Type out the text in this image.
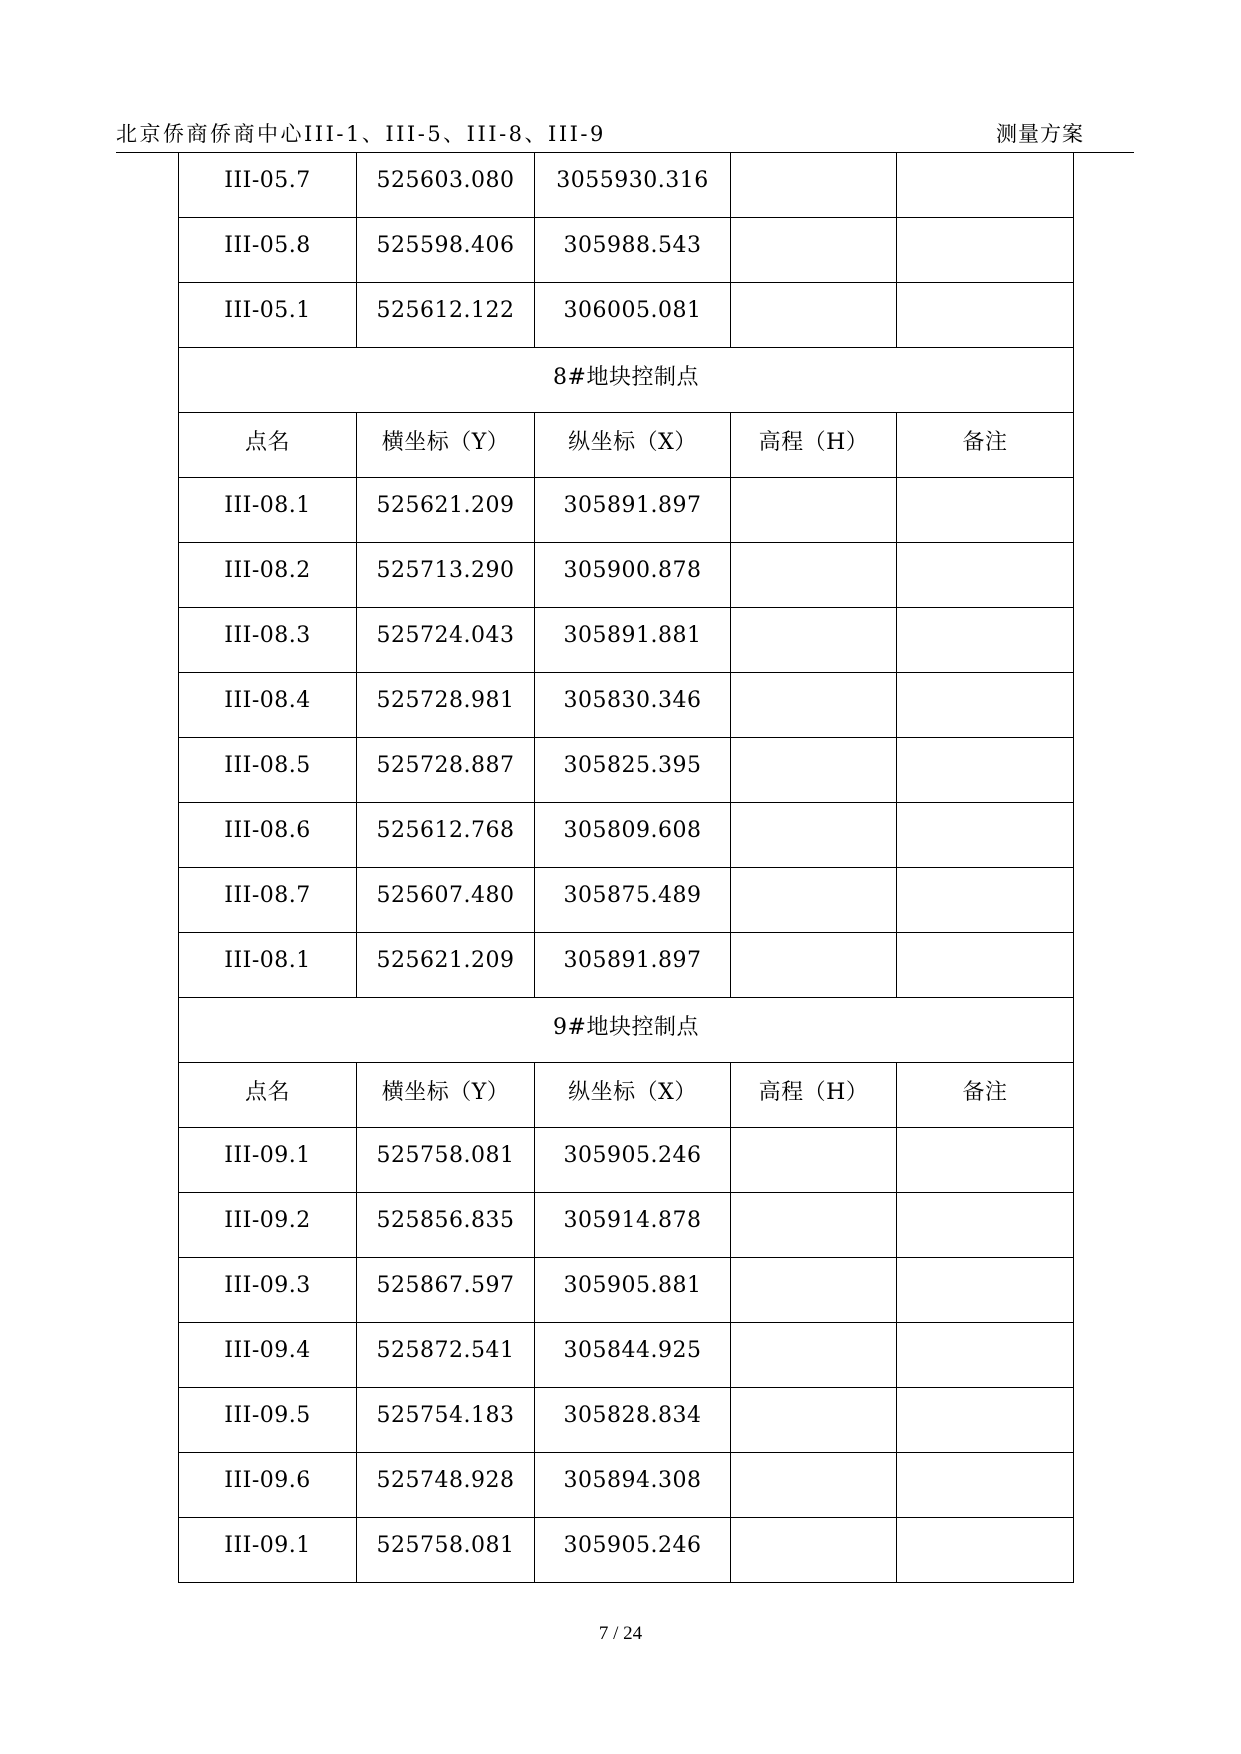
北京侨商侨商中心III-1、III-5、III-8、III-9	测量方案
III-05.7	525603.080	3055930.316		
III-05.8	525598.406	305988.543		
III-05.1	525612.122	306005.081		
8#地块控制点				
点名	横坐标（Y）	纵坐标（X）	高程（H）	备注
III-08.1	525621.209	305891.897		
III-08.2	525713.290	305900.878		
III-08.3	525724.043	305891.881		
III-08.4	525728.981	305830.346		
III-08.5	525728.887	305825.395		
III-08.6	525612.768	305809.608		
III-08.7	525607.480	305875.489		
III-08.1	525621.209	305891.897		
9#地块控制点				
点名	横坐标（Y）	纵坐标（X）	高程（H）	备注
III-09.1	525758.081	305905.246		
III-09.2	525856.835	305914.878		
III-09.3	525867.597	305905.881		
III-09.4	525872.541	305844.925		
III-09.5	525754.183	305828.834		
III-09.6	525748.928	305894.308		
III-09.1	525758.081	305905.246		
7 / 24
